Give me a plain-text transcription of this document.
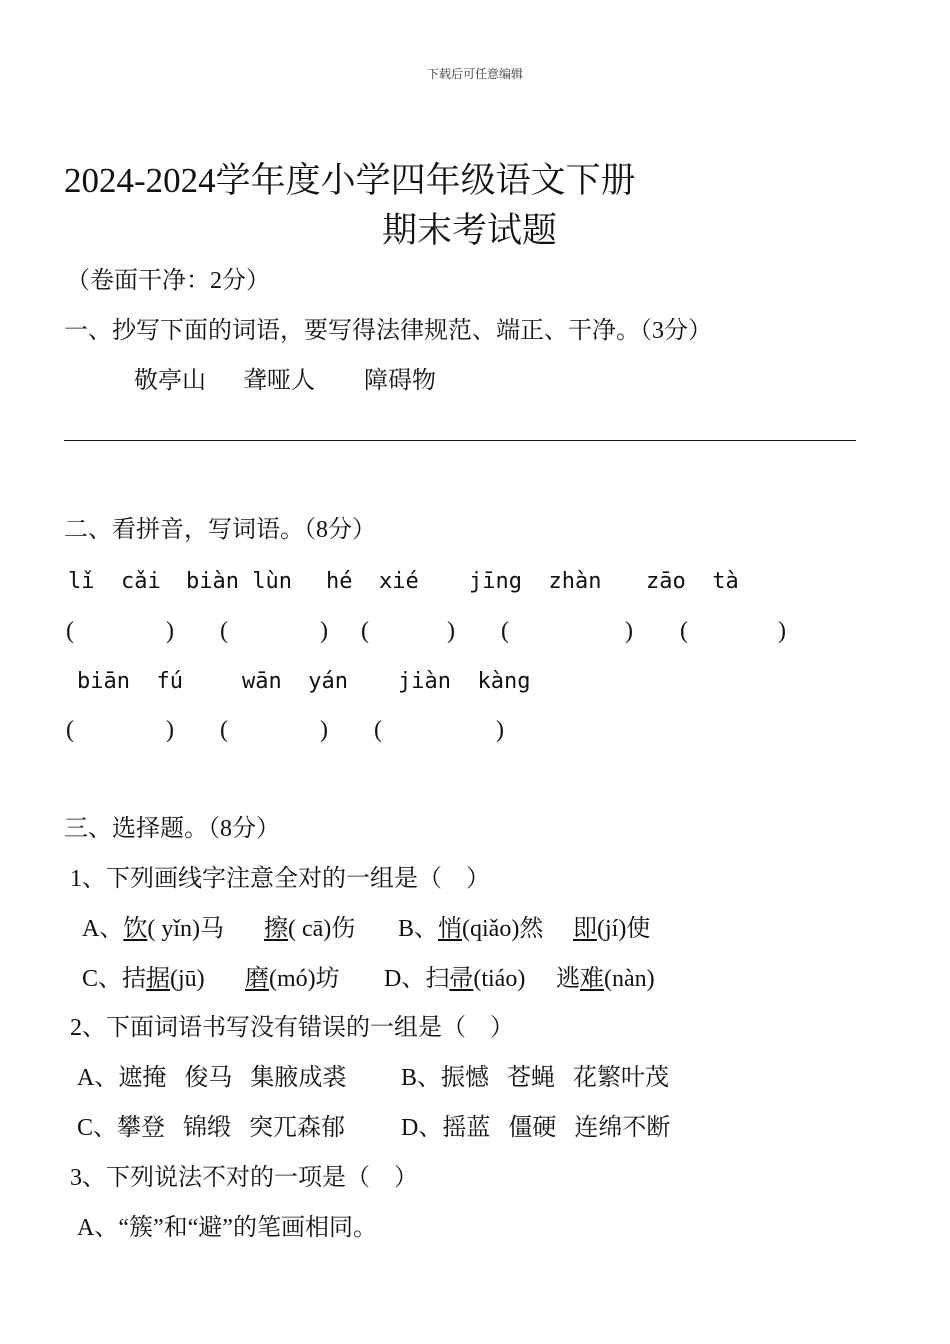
下载后可任意编辑
2024-2024学年度小学四年级语文下册
期末考试题
（卷面干净：2分）
一、抄写下面的词语，要写得法律规范、端正、干净。（3分）
敬亭山 聋哑人 障碍物
二、看拼音，写词语。（8分）
lǐ  cǎi biàn lùn hé  xié jīng  zhàn zāo  tà
(	) (	) (	) (	) (	)
biān  fú	wān  yán jiàn  kàng
(	) (	) (	)
三、选择题。（8分）
1、下列画线字注意全对的一组是（    ）
A、饮( yǐn)马 擦( cā)伤 B、悄(qiǎo)然 即(jí)使
C、拮据(jū) 磨(mó)坊 D、扫帚(tiáo) 逃难(nàn)
2、下面词语书写没有错误的一组是（    ）
A、遮掩   俊马   集腋成裘 B、振憾   苍蝇   花繁叶茂
C、攀登   锦缎   突兀森郁 D、摇蓝   僵硬   连绵不断
3、下列说法不对的一项是（    ）
A、“簇”和“避”的笔画相同。
